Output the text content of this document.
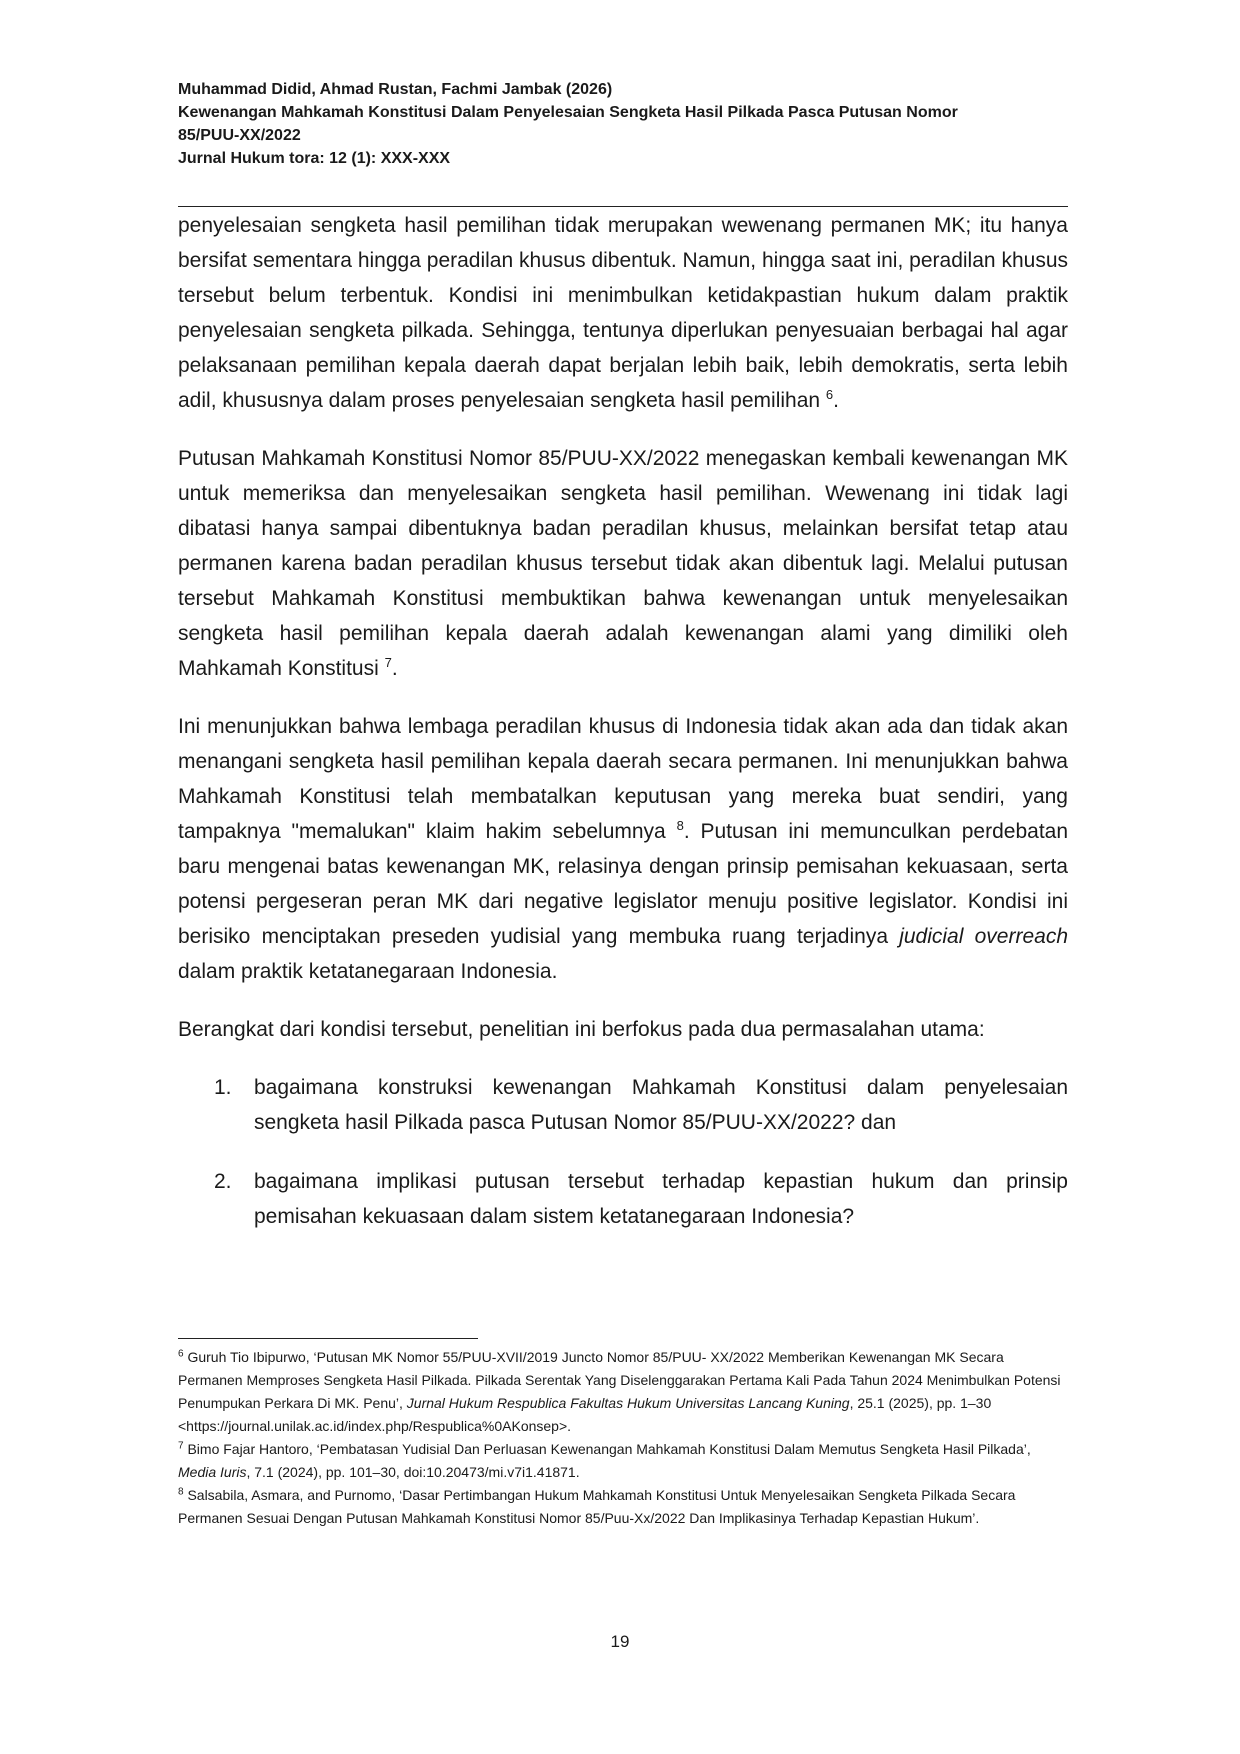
Muhammad Didid, Ahmad Rustan, Fachmi Jambak (2026)
Kewenangan Mahkamah Konstitusi Dalam Penyelesaian Sengketa Hasil Pilkada Pasca Putusan Nomor
85/PUU-XX/2022
Jurnal Hukum tora: 12 (1): XXX-XXX

penyelesaian sengketa hasil pemilihan tidak merupakan wewenang permanen MK; itu hanya bersifat sementara hingga peradilan khusus dibentuk. Namun, hingga saat ini, peradilan khusus tersebut belum terbentuk. Kondisi ini menimbulkan ketidakpastian hukum dalam praktik penyelesaian sengketa pilkada. Sehingga, tentunya diperlukan penyesuaian berbagai hal agar pelaksanaan pemilihan kepala daerah dapat berjalan lebih baik, lebih demokratis, serta lebih adil, khususnya dalam proses penyelesaian sengketa hasil pemilihan $^6$.

Putusan Mahkamah Konstitusi Nomor 85/PUU-XX/2022 menegaskan kembali kewenangan MK untuk memeriksa dan menyelesaikan sengketa hasil pemilihan. Wewenang ini tidak lagi dibatasi hanya sampai dibentuknya badan peradilan khusus, melainkan bersifat tetap atau permanen karena badan peradilan khusus tersebut tidak akan dibentuk lagi. Melalui putusan tersebut Mahkamah Konstitusi membuktikan bahwa kewenangan untuk menyelesaikan sengketa hasil pemilihan kepala daerah adalah kewenangan alami yang dimiliki oleh Mahkamah Konstitusi $^7$.

Ini menunjukkan bahwa lembaga peradilan khusus di Indonesia tidak akan ada dan tidak akan menangani sengketa hasil pemilihan kepala daerah secara permanen. Ini menunjukkan bahwa Mahkamah Konstitusi telah membatalkan keputusan yang mereka buat sendiri, yang tampaknya "memalukan" klaim hakim sebelumnya $^8$. Putusan ini memunculkan perdebatan baru mengenai batas kewenangan MK, relasinya dengan prinsip pemisahan kekuasaan, serta potensi pergeseran peran MK dari negative legislator menuju positive legislator. Kondisi ini berisiko menciptakan preseden yudisial yang membuka ruang terjadinya judicial overreach dalam praktik ketatanegaraan Indonesia.

Berangkat dari kondisi tersebut, penelitian ini berfokus pada dua permasalahan utama:

1.	bagaimana konstruksi kewenangan Mahkamah Konstitusi dalam penyelesaian sengketa hasil Pilkada pasca Putusan Nomor 85/PUU-XX/2022? dan
2.	bagaimana implikasi putusan tersebut terhadap kepastian hukum dan prinsip pemisahan kekuasaan dalam sistem ketatanegaraan Indonesia?

$^6$ Guruh Tio Ibipurwo, ‘Putusan MK Nomor 55/PUU-XVII/2019 Juncto Nomor 85/PUU- XX/2022 Memberikan Kewenangan MK Secara Permanen Memproses Sengketa Hasil Pilkada. Pilkada Serentak Yang Diselenggarakan Pertama Kali Pada Tahun 2024 Menimbulkan Potensi Penumpukan Perkara Di MK. Penu’, Jurnal Hukum Respublica Fakultas Hukum Universitas Lancang Kuning, 25.1 (2025), pp. 1–30 <https://journal.unilak.ac.id/index.php/Respublica%0AKonsep>.

$^7$ Bimo Fajar Hantoro, ‘Pembatasan Yudisial Dan Perluasan Kewenangan Mahkamah Konstitusi Dalam Memutus Sengketa Hasil Pilkada’, Media Iuris, 7.1 (2024), pp. 101–30, doi:10.20473/mi.v7i1.41871.

$^8$ Salsabila, Asmara, and Purnomo, ‘Dasar Pertimbangan Hukum Mahkamah Konstitusi Untuk Menyelesaikan Sengketa Pilkada Secara Permanen Sesuai Dengan Putusan Mahkamah Konstitusi Nomor 85/Puu-Xx/2022 Dan Implikasinya Terhadap Kepastian Hukum’.

19
